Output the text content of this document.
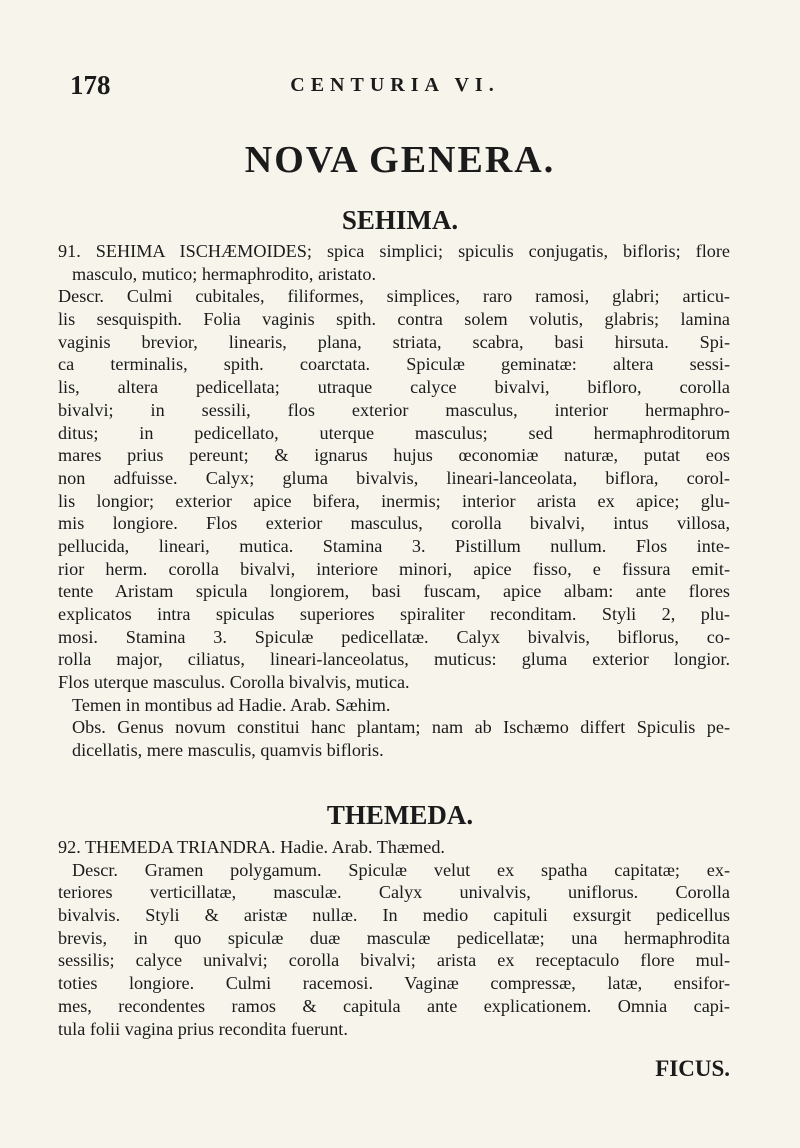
178	CENTURIA VI.
NOVA GENERA.
SEHIMA.
91. SEHIMA ISCHÆMOIDES; spica simplici; spiculis conjugatis, bifloris; flore
masculo, mutico; hermaphrodito, aristato.
Descr. Culmi cubitales, filiformes, simplices, raro ramosi, glabri; articu-
lis sesquispith. Folia vaginis spith. contra solem volutis, glabris; lamina
vaginis brevior, linearis, plana, striata, scabra, basi hirsuta. Spi-
ca terminalis, spith. coarctata. Spiculæ geminatæ: altera sessi-
lis, altera pedicellata; utraque calyce bivalvi, bifloro, corolla
bivalvi; in sessili, flos exterior masculus, interior hermaphro-
ditus; in pedicellato, uterque masculus; sed hermaphroditorum
mares prius pereunt; & ignarus hujus œconomiæ naturæ, putat eos
non adfuisse. Calyx; gluma bivalvis, lineari-lanceolata, biflora, corol-
lis longior; exterior apice bifera, inermis; interior arista ex apice; glu-
mis longiore. Flos exterior masculus, corolla bivalvi, intus villosa,
pellucida, lineari, mutica. Stamina 3. Pistillum nullum. Flos inte-
rior herm. corolla bivalvi, interiore minori, apice fisso, e fissura emit-
tente Aristam spicula longiorem, basi fuscam, apice albam: ante flores
explicatos intra spiculas superiores spiraliter reconditam. Styli 2, plu-
mosi. Stamina 3. Spiculæ pedicellatæ. Calyx bivalvis, biflorus, co-
rolla major, ciliatus, lineari-lanceolatus, muticus: gluma exterior longior.
Flos uterque masculus. Corolla bivalvis, mutica.
Temen in montibus ad Hadie. Arab. Sæhim.
Obs. Genus novum constitui hanc plantam; nam ab Ischæmo differt Spiculis pe-
dicellatis, mere masculis, quamvis bifloris.
THEMEDA.
92. THEMEDA TRIANDRA. Hadie. Arab. Thæmed.
Descr. Gramen polygamum. Spiculæ velut ex spatha capitatæ; ex-
teriores verticillatæ, masculæ. Calyx univalvis, uniflorus. Corolla
bivalvis. Styli & aristæ nullæ. In medio capituli exsurgit pedicellus
brevis, in quo spiculæ duæ masculæ pedicellatæ; una hermaphrodita
sessilis; calyce univalvi; corolla bivalvi; arista ex receptaculo flore mul-
toties longiore. Culmi racemosi. Vaginæ compressæ, latæ, ensifor-
mes, recondentes ramos & capitula ante explicationem. Omnia capi-
tula folii vagina prius recondita fuerunt.
FICUS.
